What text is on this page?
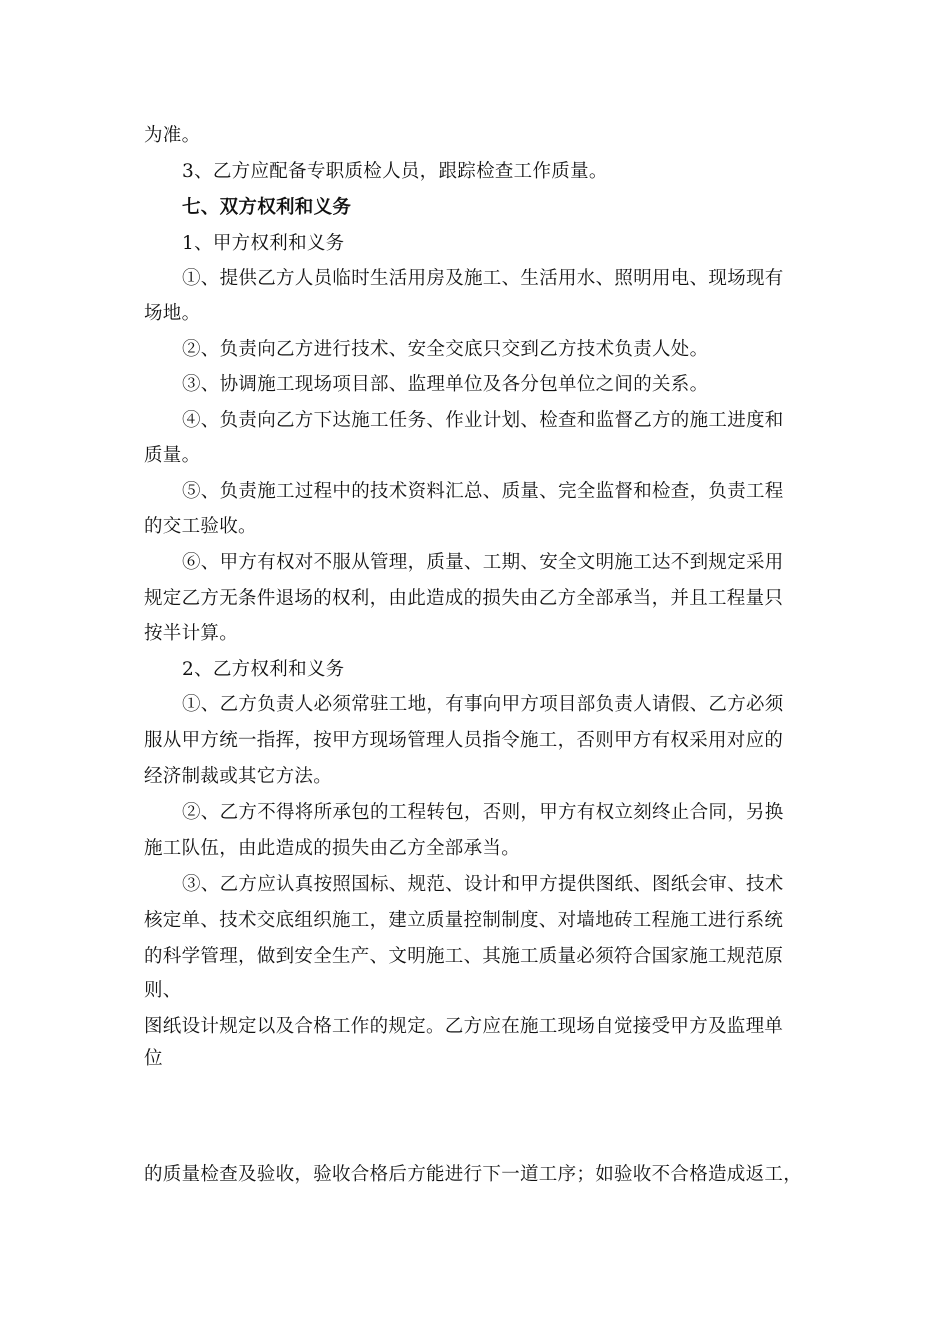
为准。
3、乙方应配备专职质检人员，跟踪检查工作质量。
七、双方权利和义务
1、甲方权利和义务
①、提供乙方人员临时生活用房及施工、生活用水、照明用电、现场现有
场地。
②、负责向乙方进行技术、安全交底只交到乙方技术负责人处。
③、协调施工现场项目部、监理单位及各分包单位之间的关系。
④、负责向乙方下达施工任务、作业计划、检查和监督乙方的施工进度和
质量。
⑤、负责施工过程中的技术资料汇总、质量、完全监督和检查，负责工程
的交工验收。
⑥、甲方有权对不服从管理，质量、工期、安全文明施工达不到规定采用
规定乙方无条件退场的权利，由此造成的损失由乙方全部承当，并且工程量只
按半计算。
2、乙方权利和义务
①、乙方负责人必须常驻工地，有事向甲方项目部负责人请假、乙方必须
服从甲方统一指挥，按甲方现场管理人员指令施工，否则甲方有权采用对应的
经济制裁或其它方法。
②、乙方不得将所承包的工程转包，否则，甲方有权立刻终止合同，另换
施工队伍，由此造成的损失由乙方全部承当。
③、乙方应认真按照国标、规范、设计和甲方提供图纸、图纸会审、技术
核定单、技术交底组织施工，建立质量控制制度、对墙地砖工程施工进行系统
的科学管理，做到安全生产、文明施工、其施工质量必须符合国家施工规范原
则、
图纸设计规定以及合格工作的规定。乙方应在施工现场自觉接受甲方及监理单
位
的质量检查及验收，验收合格后方能进行下一道工序；如验收不合格造成返工，
